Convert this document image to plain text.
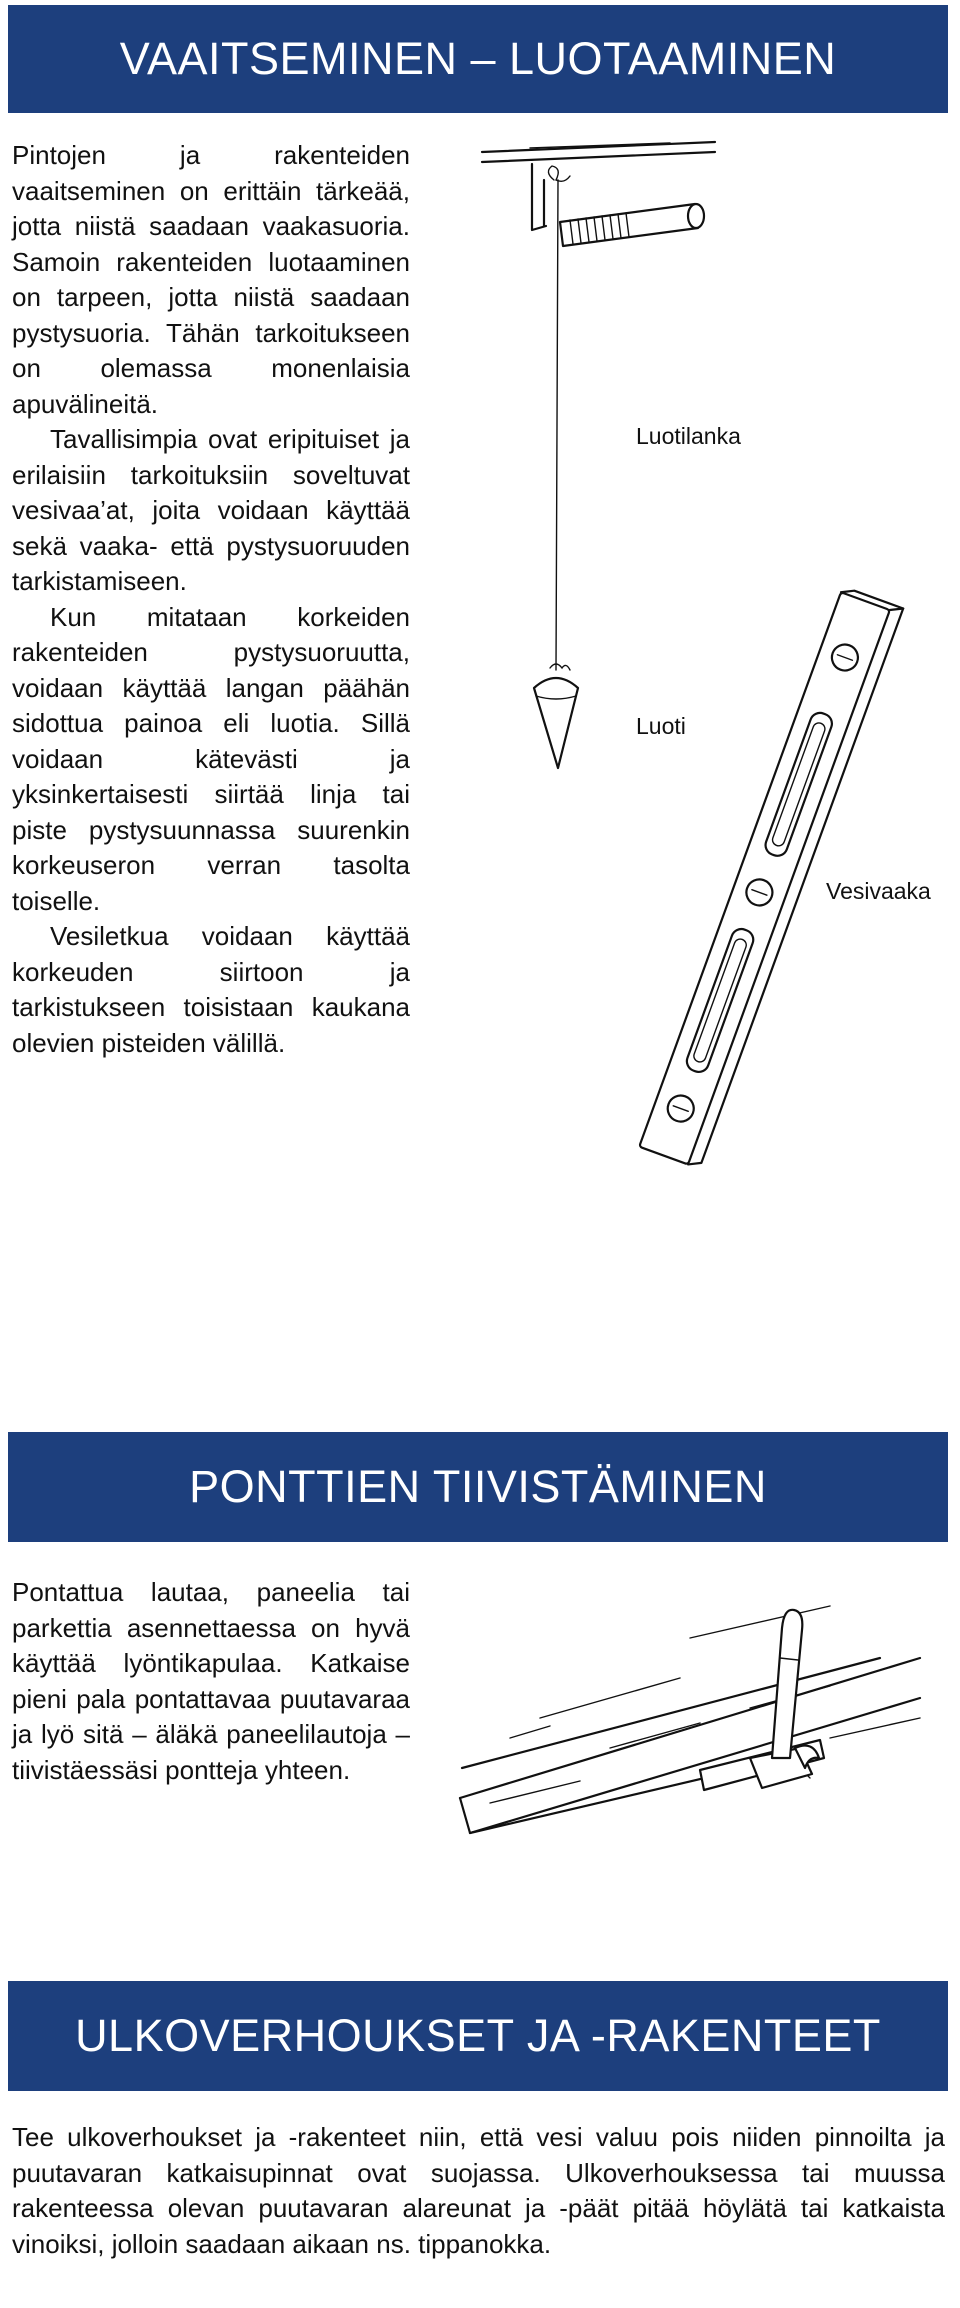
VAAITSEMINEN – LUOTAAMINEN

Pintojen ja rakenteiden vaaitseminen on erittäin tärkeää, jotta niistä saadaan vaakasuoria. Samoin rakenteiden luotaaminen on tarpeen, jotta niistä saadaan pystysuoria. Tähän tarkoitukseen on olemassa monenlaisia apuvälineitä.

Tavallisimpia ovat eripituiset ja erilaisiin tarkoituksiin soveltuvat vesivaa’at, joita voidaan käyttää sekä vaaka- että pystysuoruuden tarkistamiseen.

Kun mitataan korkeiden rakenteiden pystysuoruutta, voidaan käyttää langan päähän sidottua painoa eli luotia. Sillä voidaan kätevästi ja yksinkertaisesti siirtää linja tai piste pystysuunnassa suurenkin korkeuseron verran tasolta toiselle.

Vesiletkua voidaan käyttää korkeuden siirtoon ja tarkistukseen toisistaan kaukana olevien pisteiden välillä.

Luotilanka
Luoti
Vesivaaka
PONTTIEN TIIVISTÄMINEN

Pontattua lautaa, paneelia tai parkettia asennettaessa on hyvä käyttää lyöntikapulaa. Katkaise pieni pala pontattavaa puutavaraa ja lyö sitä – äläkä paneelilautoja – tiivistäessäsi pontteja yhteen.

ULKOVERHOUKSET JA -RAKENTEET

Tee ulkoverhoukset ja -rakenteet niin, että vesi valuu pois niiden pinnoilta ja puutavaran katkaisupinnat ovat suojassa. Ulkoverhouksessa tai muussa rakenteessa olevan puutavaran alareunat ja -päät pitää höylätä tai katkaista vinoiksi, jolloin saadaan aikaan ns. tippanokka.
